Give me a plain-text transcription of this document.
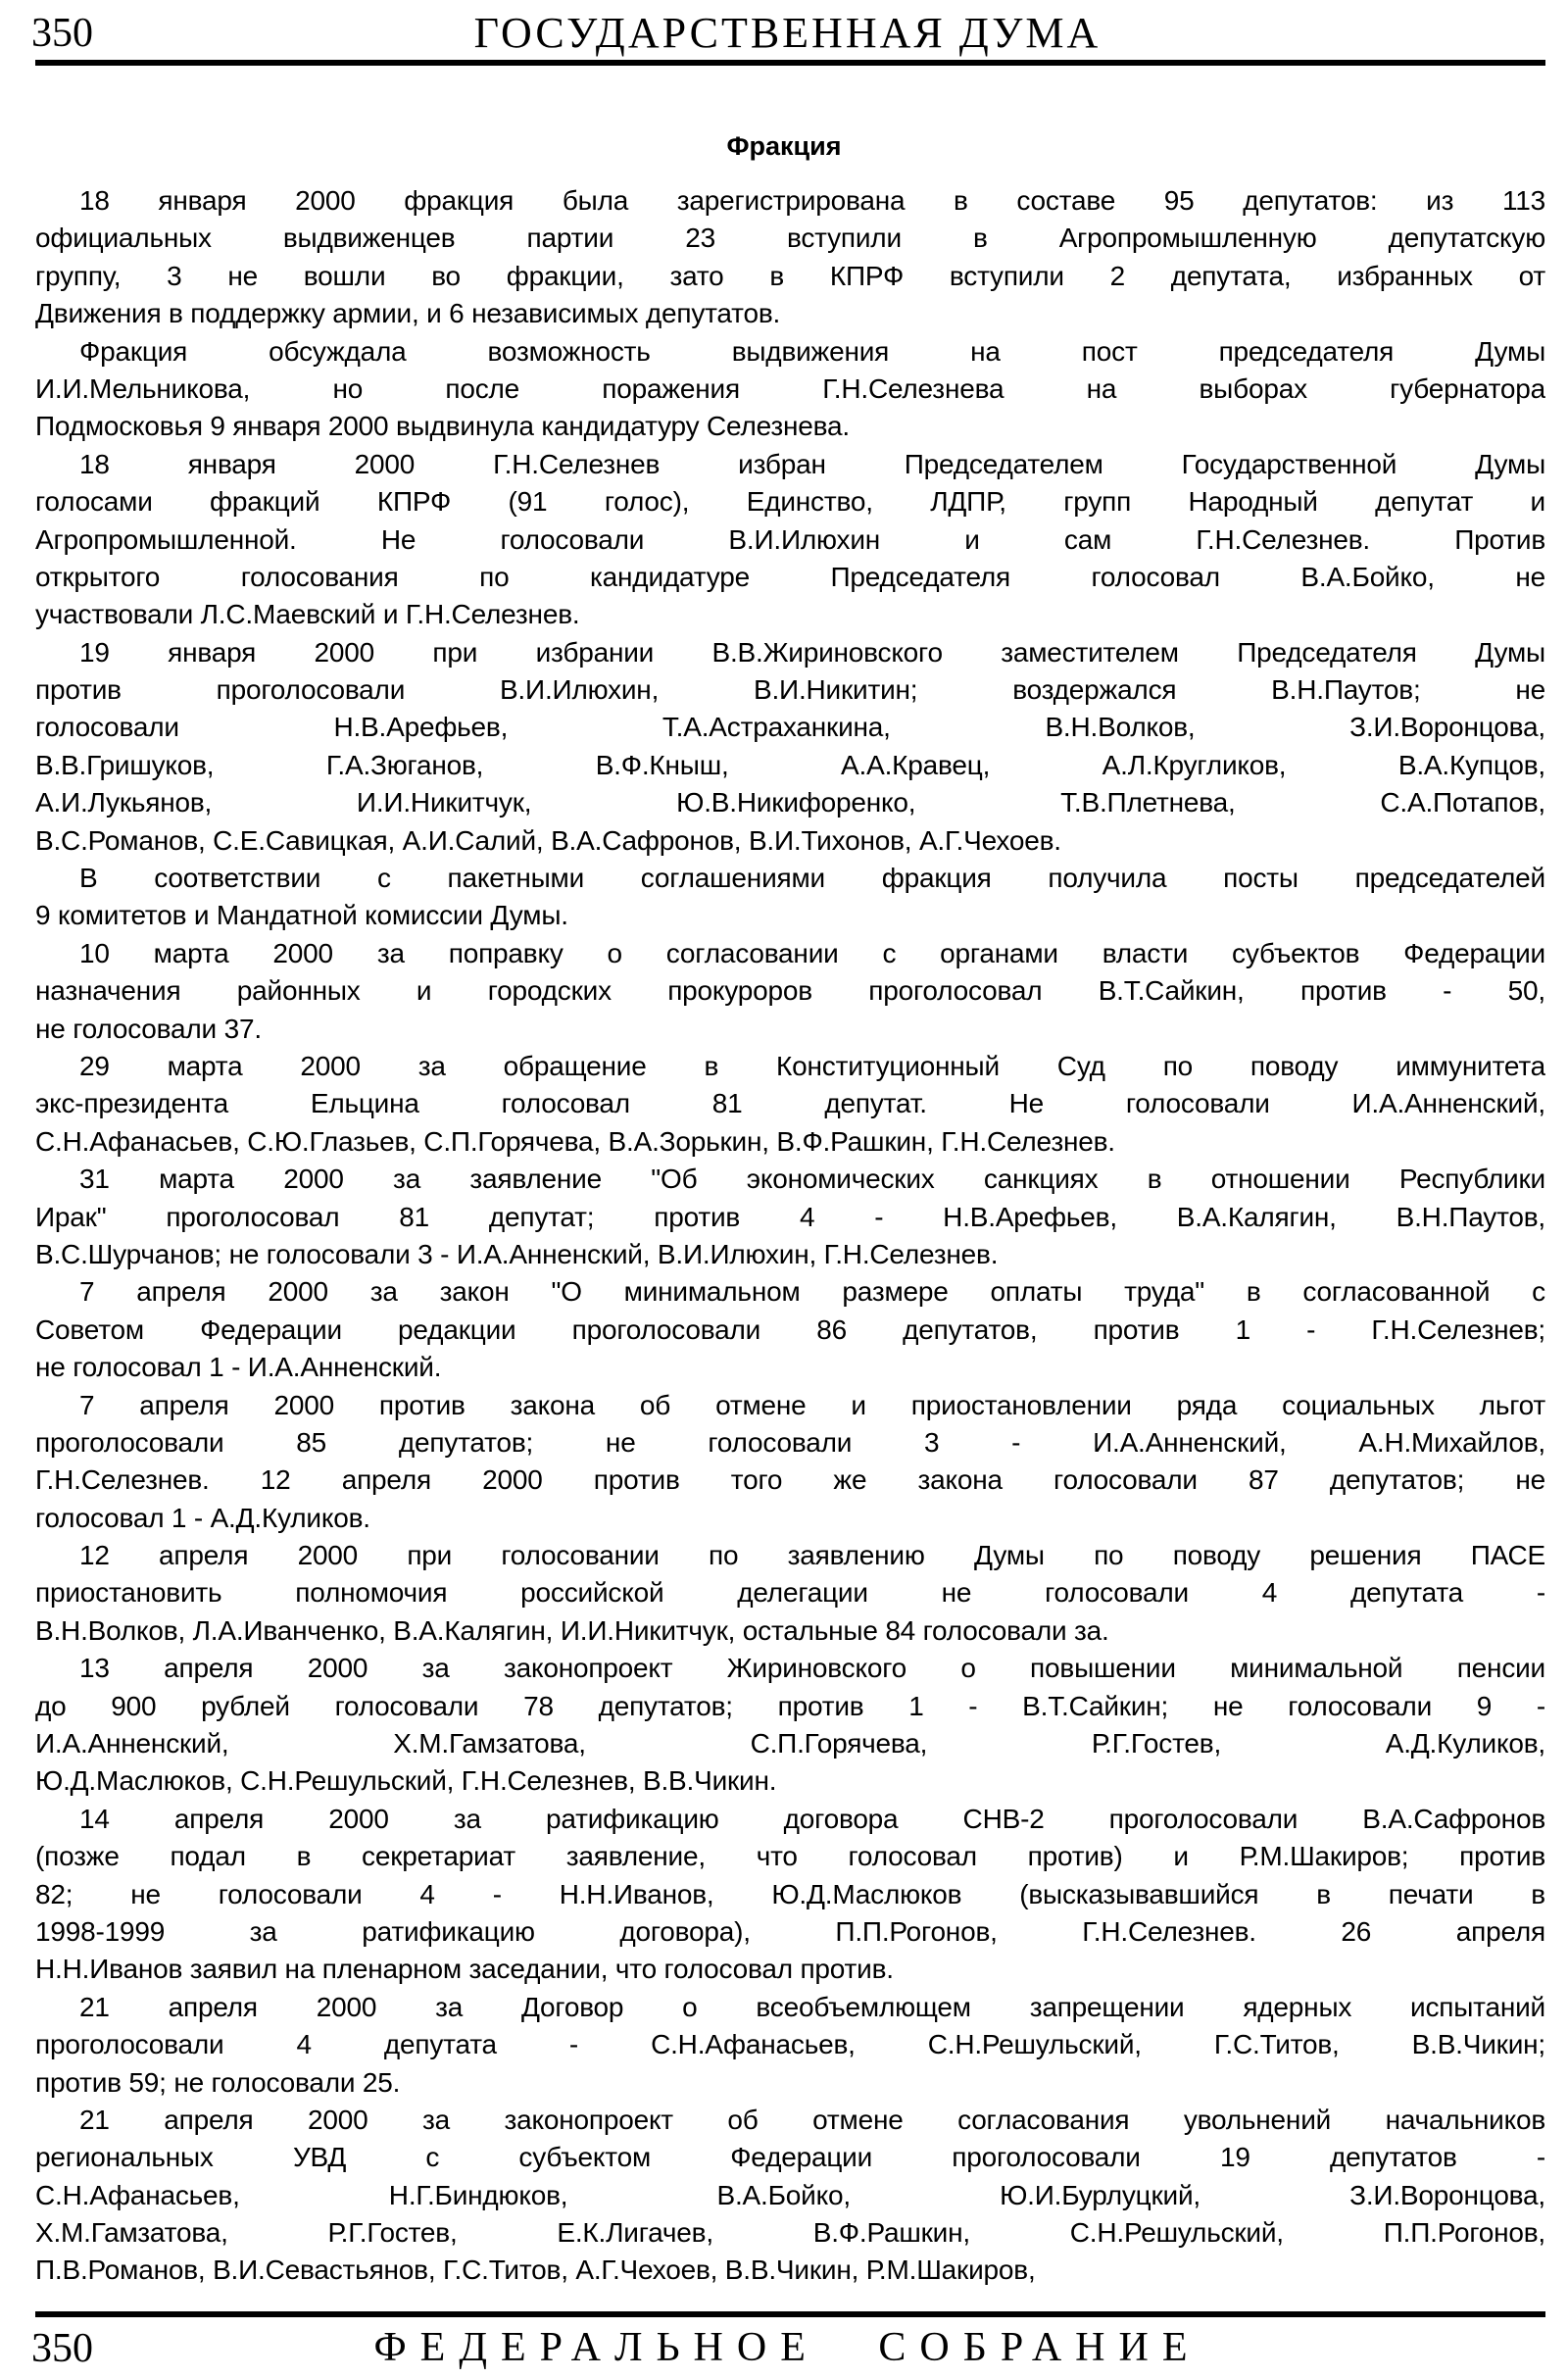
350	ГОСУДАРСТВЕННАЯ ДУМА
Фракция
18 января 2000 фракция была зарегистрирована в составе 95 депутатов: из 113
официальных выдвиженцев партии 23 вступили в Агропромышленную депутатскую
группу, 3 не вошли во фракции, зато в КПРФ вступили 2 депутата, избранных от
Движения в поддержку армии, и 6 независимых депутатов.
Фракция обсуждала возможность выдвижения на пост председателя Думы
И.И.Мельникова, но после поражения Г.Н.Селезнева на выборах губернатора
Подмосковья 9 января 2000 выдвинула кандидатуру Селезнева.
18 января 2000 Г.Н.Селезнев избран Председателем Государственной Думы
голосами фракций КПРФ (91 голос), Единство, ЛДПР, групп Народный депутат и
Агропромышленной. Не голосовали В.И.Илюхин и сам Г.Н.Селезнев. Против
открытого голосования по кандидатуре Председателя голосовал В.А.Бойко, не
участвовали Л.С.Маевский и Г.Н.Селезнев.
19 января 2000 при избрании В.В.Жириновского заместителем Председателя Думы
против проголосовали В.И.Илюхин, В.И.Никитин; воздержался В.Н.Паутов; не
голосовали Н.В.Арефьев, Т.А.Астраханкина, В.Н.Волков, З.И.Воронцова,
В.В.Гришуков, Г.А.Зюганов, В.Ф.Кныш, А.А.Кравец, А.Л.Кругликов, В.А.Купцов,
А.И.Лукьянов, И.И.Никитчук, Ю.В.Никифоренко, Т.В.Плетнева, С.А.Потапов,
В.С.Романов, С.Е.Савицкая, А.И.Салий, В.А.Сафронов, В.И.Тихонов, А.Г.Чехоев.
В соответствии с пакетными соглашениями фракция получила посты председателей
9 комитетов и Мандатной комиссии Думы.
10 марта 2000 за поправку о согласовании с органами власти субъектов Федерации
назначения районных и городских прокуроров проголосовал В.Т.Сайкин, против - 50,
не голосовали 37.
29 марта 2000 за обращение в Конституционный Суд по поводу иммунитета
экс-президента Ельцина голосовал 81 депутат. Не голосовали И.А.Анненский,
С.Н.Афанасьев, С.Ю.Глазьев, С.П.Горячева, В.А.Зорькин, В.Ф.Рашкин, Г.Н.Селезнев.
31 марта 2000 за заявление "Об экономических санкциях в отношении Республики
Ирак" проголосовал 81 депутат; против 4 - Н.В.Арефьев, В.А.Калягин, В.Н.Паутов,
В.С.Шурчанов; не голосовали 3 - И.А.Анненский, В.И.Илюхин, Г.Н.Селезнев.
7 апреля 2000 за закон "О минимальном размере оплаты труда" в согласованной с
Советом Федерации редакции проголосовали 86 депутатов, против 1 - Г.Н.Селезнев;
не голосовал 1 - И.А.Анненский.
7 апреля 2000 против закона об отмене и приостановлении ряда социальных льгот
проголосовали 85 депутатов; не голосовали 3 - И.А.Анненский, А.Н.Михайлов,
Г.Н.Селезнев. 12 апреля 2000 против того же закона голосовали 87 депутатов; не
голосовал 1 - А.Д.Куликов.
12 апреля 2000 при голосовании по заявлению Думы по поводу решения ПАСЕ
приостановить полномочия российской делегации не голосовали 4 депутата -
В.Н.Волков, Л.А.Иванченко, В.А.Калягин, И.И.Никитчук, остальные 84 голосовали за.
13 апреля 2000 за законопроект Жириновского о повышении минимальной пенсии
до 900 рублей голосовали 78 депутатов; против 1 - В.Т.Сайкин; не голосовали 9 -
И.А.Анненский, Х.М.Гамзатова, С.П.Горячева, Р.Г.Гостев, А.Д.Куликов,
Ю.Д.Маслюков, С.Н.Решульский, Г.Н.Селезнев, В.В.Чикин.
14 апреля 2000 за ратификацию договора СНВ-2 проголосовали В.А.Сафронов
(позже подал в секретариат заявление, что голосовал против) и Р.М.Шакиров; против
82; не голосовали 4 - Н.Н.Иванов, Ю.Д.Маслюков (высказывавшийся в печати в
1998-1999 за ратификацию договора), П.П.Рогонов, Г.Н.Селезнев. 26 апреля
Н.Н.Иванов заявил на пленарном заседании, что голосовал против.
21 апреля 2000 за Договор о всеобъемлющем запрещении ядерных испытаний
проголосовали 4 депутата - С.Н.Афанасьев, С.Н.Решульский, Г.С.Титов, В.В.Чикин;
против 59; не голосовали 25.
21 апреля 2000 за законопроект об отмене согласования увольнений начальников
региональных УВД с субъектом Федерации проголосовали 19 депутатов -
С.Н.Афанасьев, Н.Г.Биндюков, В.А.Бойко, Ю.И.Бурлуцкий, З.И.Воронцова,
Х.М.Гамзатова, Р.Г.Гостев, Е.К.Лигачев, В.Ф.Рашкин, С.Н.Решульский, П.П.Рогонов,
П.В.Романов, В.И.Севастьянов, Г.С.Титов, А.Г.Чехоев, В.В.Чикин, Р.М.Шакиров,
350	ФЕДЕРАЛЬНОЕ СОБРАНИЕ
